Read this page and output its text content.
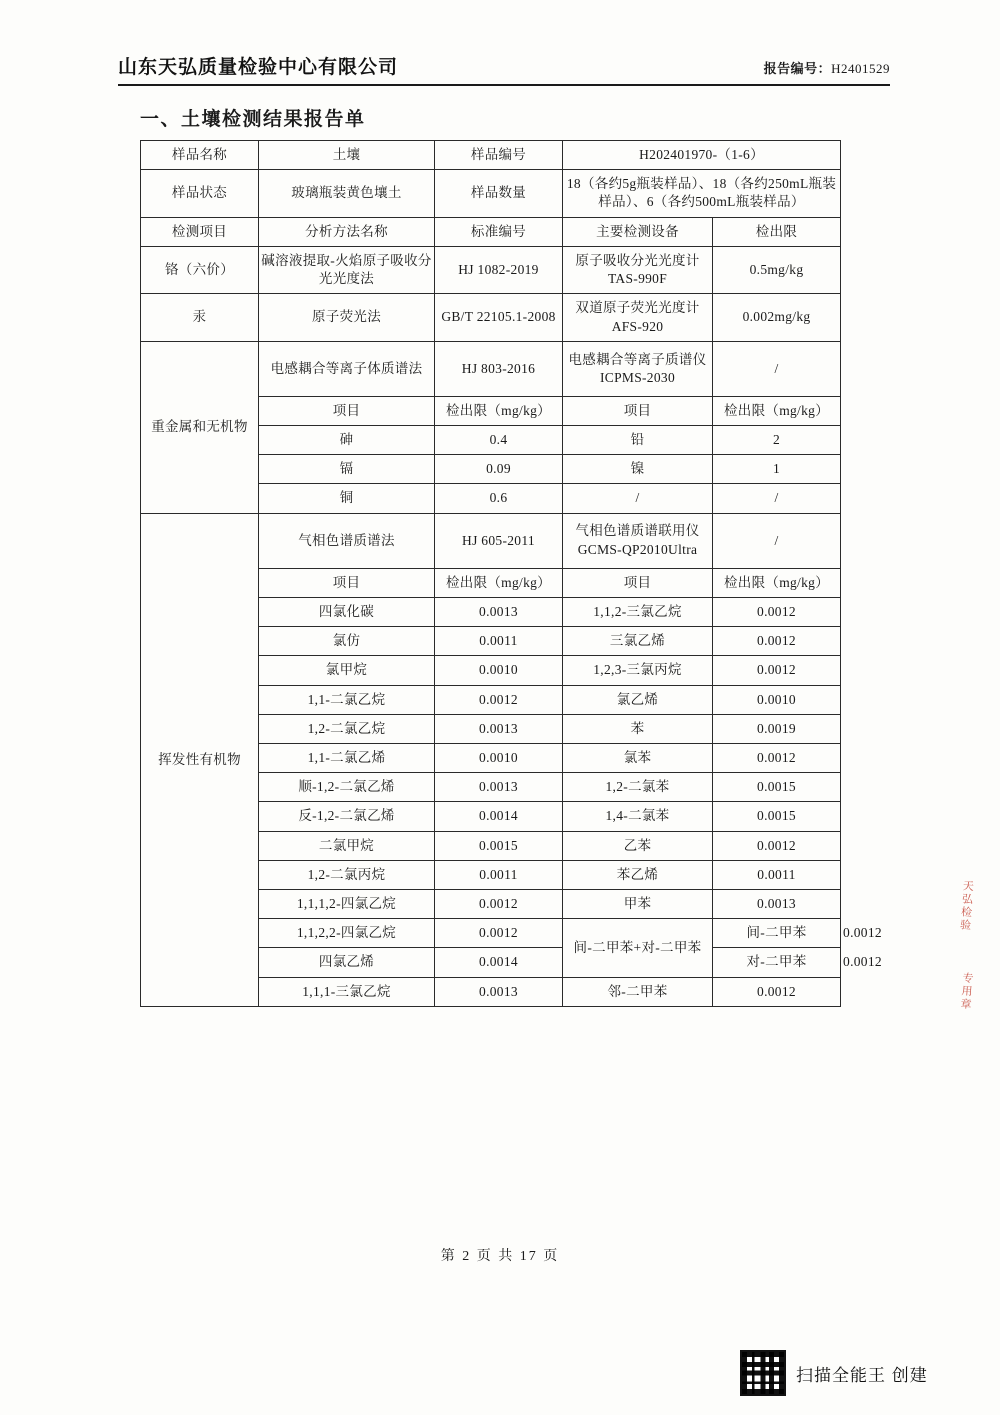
山东天弘质量检验中心有限公司	报告编号：H2401529
一、土壤检测结果报告单
样品名称	土壤	样品编号	H202401970-（1-6）		
样品状态	玻璃瓶装黄色壤土	样品数量	18（各约5g瓶装样品）、18（各约250mL瓶装样品）、6（各约500mL瓶装样品）		
检测项目	分析方法名称	标准编号	主要检测设备	检出限	
铬（六价）	碱溶液提取-火焰原子吸收分光光度法	HJ 1082-2019	原子吸收分光光度计 TAS-990F	0.5mg/kg	
汞	原子荧光法	GB/T 22105.1-2008	双道原子荧光光度计 AFS-920	0.002mg/kg	
重金属和无机物	电感耦合等离子体质谱法	HJ 803-2016	电感耦合等离子质谱仪 ICPMS-2030	/	
	项目	检出限（mg/kg）	项目	检出限（mg/kg）	
	砷	0.4	铅	2	
	镉	0.09	镍	1	
	铜	0.6	/	/	
挥发性有机物	气相色谱质谱法	HJ 605-2011	气相色谱质谱联用仪 GCMS-QP2010Ultra	/	
	项目	检出限（mg/kg）	项目	检出限（mg/kg）	
	四氯化碳	0.0013	1,1,2-三氯乙烷	0.0012	
	氯仿	0.0011	三氯乙烯	0.0012	
	氯甲烷	0.0010	1,2,3-三氯丙烷	0.0012	
	1,1-二氯乙烷	0.0012	氯乙烯	0.0010	
	1,2-二氯乙烷	0.0013	苯	0.0019	
	1,1-二氯乙烯	0.0010	氯苯	0.0012	
	顺-1,2-二氯乙烯	0.0013	1,2-二氯苯	0.0015	
	反-1,2-二氯乙烯	0.0014	1,4-二氯苯	0.0015	
	二氯甲烷	0.0015	乙苯	0.0012	
	1,2-二氯丙烷	0.0011	苯乙烯	0.0011	
	1,1,1,2-四氯乙烷	0.0012	甲苯	0.0013	
	1,1,2,2-四氯乙烷	0.0012	间-二甲苯+对-二甲苯	间-二甲苯	0.0012
	四氯乙烯	0.0014		对-二甲苯	0.0012
	1,1,1-三氯乙烷	0.0013	邻-二甲苯	0.0012	
第 2 页 共 17 页
天弘检验
专用章
扫描全能王 创建
